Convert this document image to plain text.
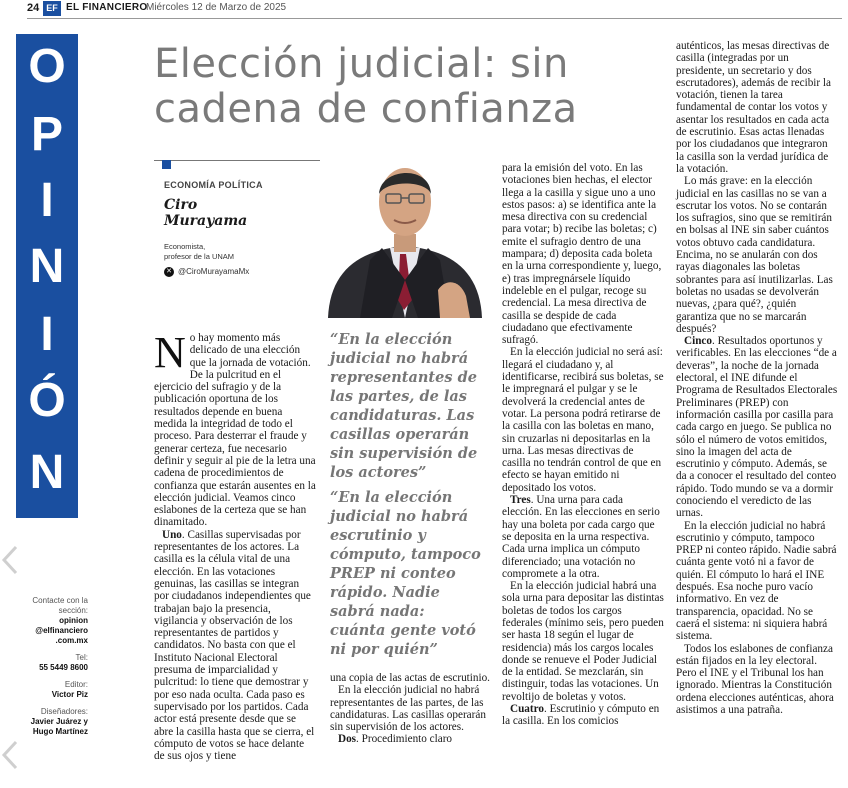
24 EF EL FINANCIERO
Miércoles 12 de Marzo de 2025
O
P
I
N
I
Ó
N
Contacte con la sección:
opinion
@elfinanciero
.com.mx
Tel:
55 5449 8600
Editor:
Victor Piz
Diseñadores:
Javier Juárez y
Hugo Martínez
Elección judicial: sin
cadena de confianza
ECONOMÍA POLÍTICA
Ciro
Murayama
Economista,
profesor de la UNAM
✕ @CiroMurayamaMx

No hay momento más delicado de una elección que la jornada de votación. De la pulcritud en el ejercicio del sufragio y de la publicación oportuna de los resultados depende en buena medida la integridad de todo el proceso. Para desterrar el fraude y generar certeza, fue necesario definir y seguir al pie de la letra una cadena de procedimientos de confianza que estarán ausentes en la elección judicial. Veamos cinco eslabones de la certeza que se han dinamitado.

Uno. Casillas supervisadas por representantes de los actores. La casilla es la célula vital de una elección. En las votaciones genuinas, las casillas se integran por ciudadanos independientes que trabajan bajo la presencia, vigilancia y observación de los representantes de partidos y candidatos. No basta con que el Instituto Nacional Electoral presuma de imparcialidad y pulcritud: lo tiene que demostrar y por eso nada oculta. Cada paso es supervisado por los partidos. Cada actor está presente desde que se abre la casilla hasta que se cierra, el cómputo de votos se hace delante de sus ojos y tiene

“En la elección judicial no habrá representantes de las partes, de las candidaturas. Las casillas operarán sin supervisión de los actores”

“En la elección judicial no habrá escrutinio y cómputo, tampoco PREP ni conteo rápido. Nadie sabrá nada: cuánta gente votó ni por quién”

una copia de las actas de escrutinio.

En la elección judicial no habrá representantes de las partes, de las candidaturas. Las casillas operarán sin supervisión de los actores.

Dos. Procedimiento claro

para la emisión del voto. En las votaciones bien hechas, el elector llega a la casilla y sigue uno a uno estos pasos: a) se identifica ante la mesa directiva con su credencial para votar; b) recibe las boletas; c) emite el sufragio dentro de una mampara; d) deposita cada boleta en la urna correspondiente y, luego, e) tras impregnársele líquido indeleble en el pulgar, recoge su credencial. La mesa directiva de casilla se despide de cada ciudadano que efectivamente sufragó.

En la elección judicial no será así: llegará el ciudadano y, al identificarse, recibirá sus boletas, se le impregnará el pulgar y se le devolverá la credencial antes de votar. La persona podrá retirarse de la casilla con las boletas en mano, sin cruzarlas ni depositarlas en la urna. Las mesas directivas de casilla no tendrán control de que en efecto se hayan emitido ni depositado los votos.

Tres. Una urna para cada elección. En las elecciones en serio hay una boleta por cada cargo que se deposita en la urna respectiva. Cada urna implica un cómputo diferenciado; una votación no compromete a la otra.

En la elección judicial habrá una sola urna para depositar las distintas boletas de todos los cargos federales (mínimo seis, pero pueden ser hasta 18 según el lugar de residencia) más los cargos locales donde se renueve el Poder Judicial de la entidad. Se mezclarán, sin distinguir, todas las votaciones. Un revoltijo de boletas y votos.

Cuatro. Escrutinio y cómputo en la casilla. En los comicios

auténticos, las mesas directivas de casilla (integradas por un presidente, un secretario y dos escrutadores), además de recibir la votación, tienen la tarea fundamental de contar los votos y asentar los resultados en cada acta de escrutinio. Esas actas llenadas por los ciudadanos que integraron la casilla son la verdad jurídica de la votación.

Lo más grave: en la elección judicial en las casillas no se van a escrutar los votos. No se contarán los sufragios, sino que se remitirán en bolsas al INE sin saber cuántos votos obtuvo cada candidatura. Encima, no se anularán con dos rayas diagonales las boletas sobrantes para así inutilizarlas. Las boletas no usadas se devolverán nuevas, ¿para qué?, ¿quién garantiza que no se marcarán después?

Cinco. Resultados oportunos y verificables. En las elecciones “de a deveras”, la noche de la jornada electoral, el INE difunde el Programa de Resultados Electorales Preliminares (PREP) con información casilla por casilla para cada cargo en juego. Se publica no sólo el número de votos emitidos, sino la imagen del acta de escrutinio y cómputo. Además, se da a conocer el resultado del conteo rápido. Todo mundo se va a dormir conociendo el veredicto de las urnas.

En la elección judicial no habrá escrutinio y cómputo, tampoco PREP ni conteo rápido. Nadie sabrá cuánta gente votó ni a favor de quién. El cómputo lo hará el INE después. Esa noche puro vacío informativo. En vez de transparencia, opacidad. No se caerá el sistema: ni siquiera habrá sistema.

Todos los eslabones de confianza están fijados en la ley electoral. Pero el INE y el Tribunal los han ignorado. Mientras la Constitución ordena elecciones auténticas, ahora asistimos a una patraña.
